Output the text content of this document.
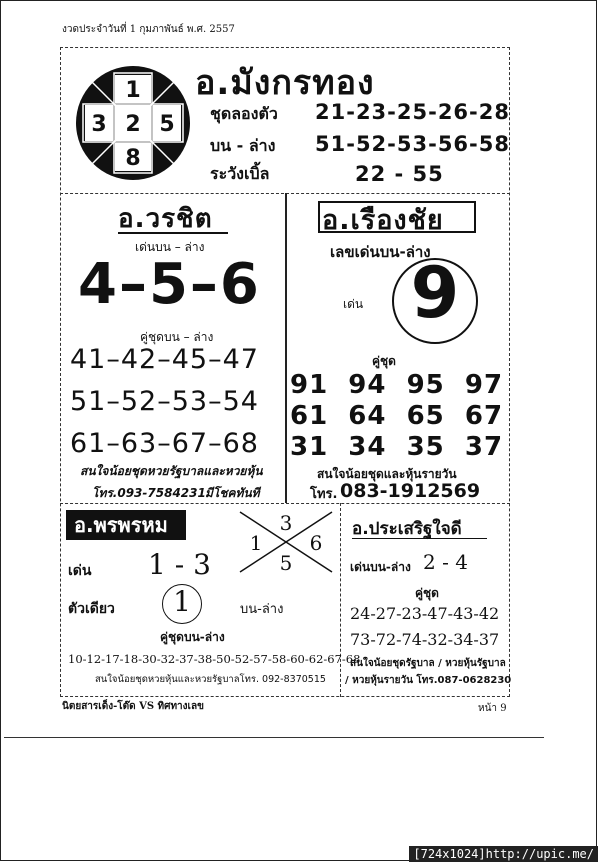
งวดประจำวันที่ 1 กุมภาพันธ์ พ.ศ. 2557
1
3 2 5
8
อ.มังกรทอง
ชุดลองตัว 21-23-25-26-28
บน - ล่าง 51-52-53-56-58
ระวังเบิ้ล	22 - 55
อ.วรชิต
เด่นบน – ล่าง
4–5–6
คู่ชุดบน – ล่าง
41–42–45–47
51–52–53–54
61–63–67–68
สนใจน้อยชุดหวยรัฐบาลและหวยหุ้น
โทร.093-7584231 มีโชคทันที
อ.เรืองชัย
เลขเด่นบน-ล่าง
เด่น 9
คู่ชุด
91  94  95  97
61  64  65  67
31  34  35  37
สนใจน้อยชุดและหุ้นรายวัน
โทร. 083-1912569
อ.พรพรหม	3
1 6
5
เด่น 1 - 3
ตัวเดียว	1	บน-ล่าง
คู่ชุดบน-ล่าง
10-12-17-18-30-32-37-38-50-52-57-58-60-62-67-68
สนใจน้อยชุดหวยหุ้นและหวยรัฐบาลโทร. 092-8370515
อ.ประเสริฐใจดี
เด่นบน-ล่าง 2 - 4
คู่ชุด
24-27-23-47-43-42
73-72-74-32-34-37
สนใจน้อยชุดรัฐบาล / หวยหุ้นรัฐบาล
/ หวยหุ้นรายวัน โทร.087-0628230
นิตยสารเด็ง-โต๊ด VS ทิศทางเลข	หน้า 9
[724x1024]http://upic.me/
